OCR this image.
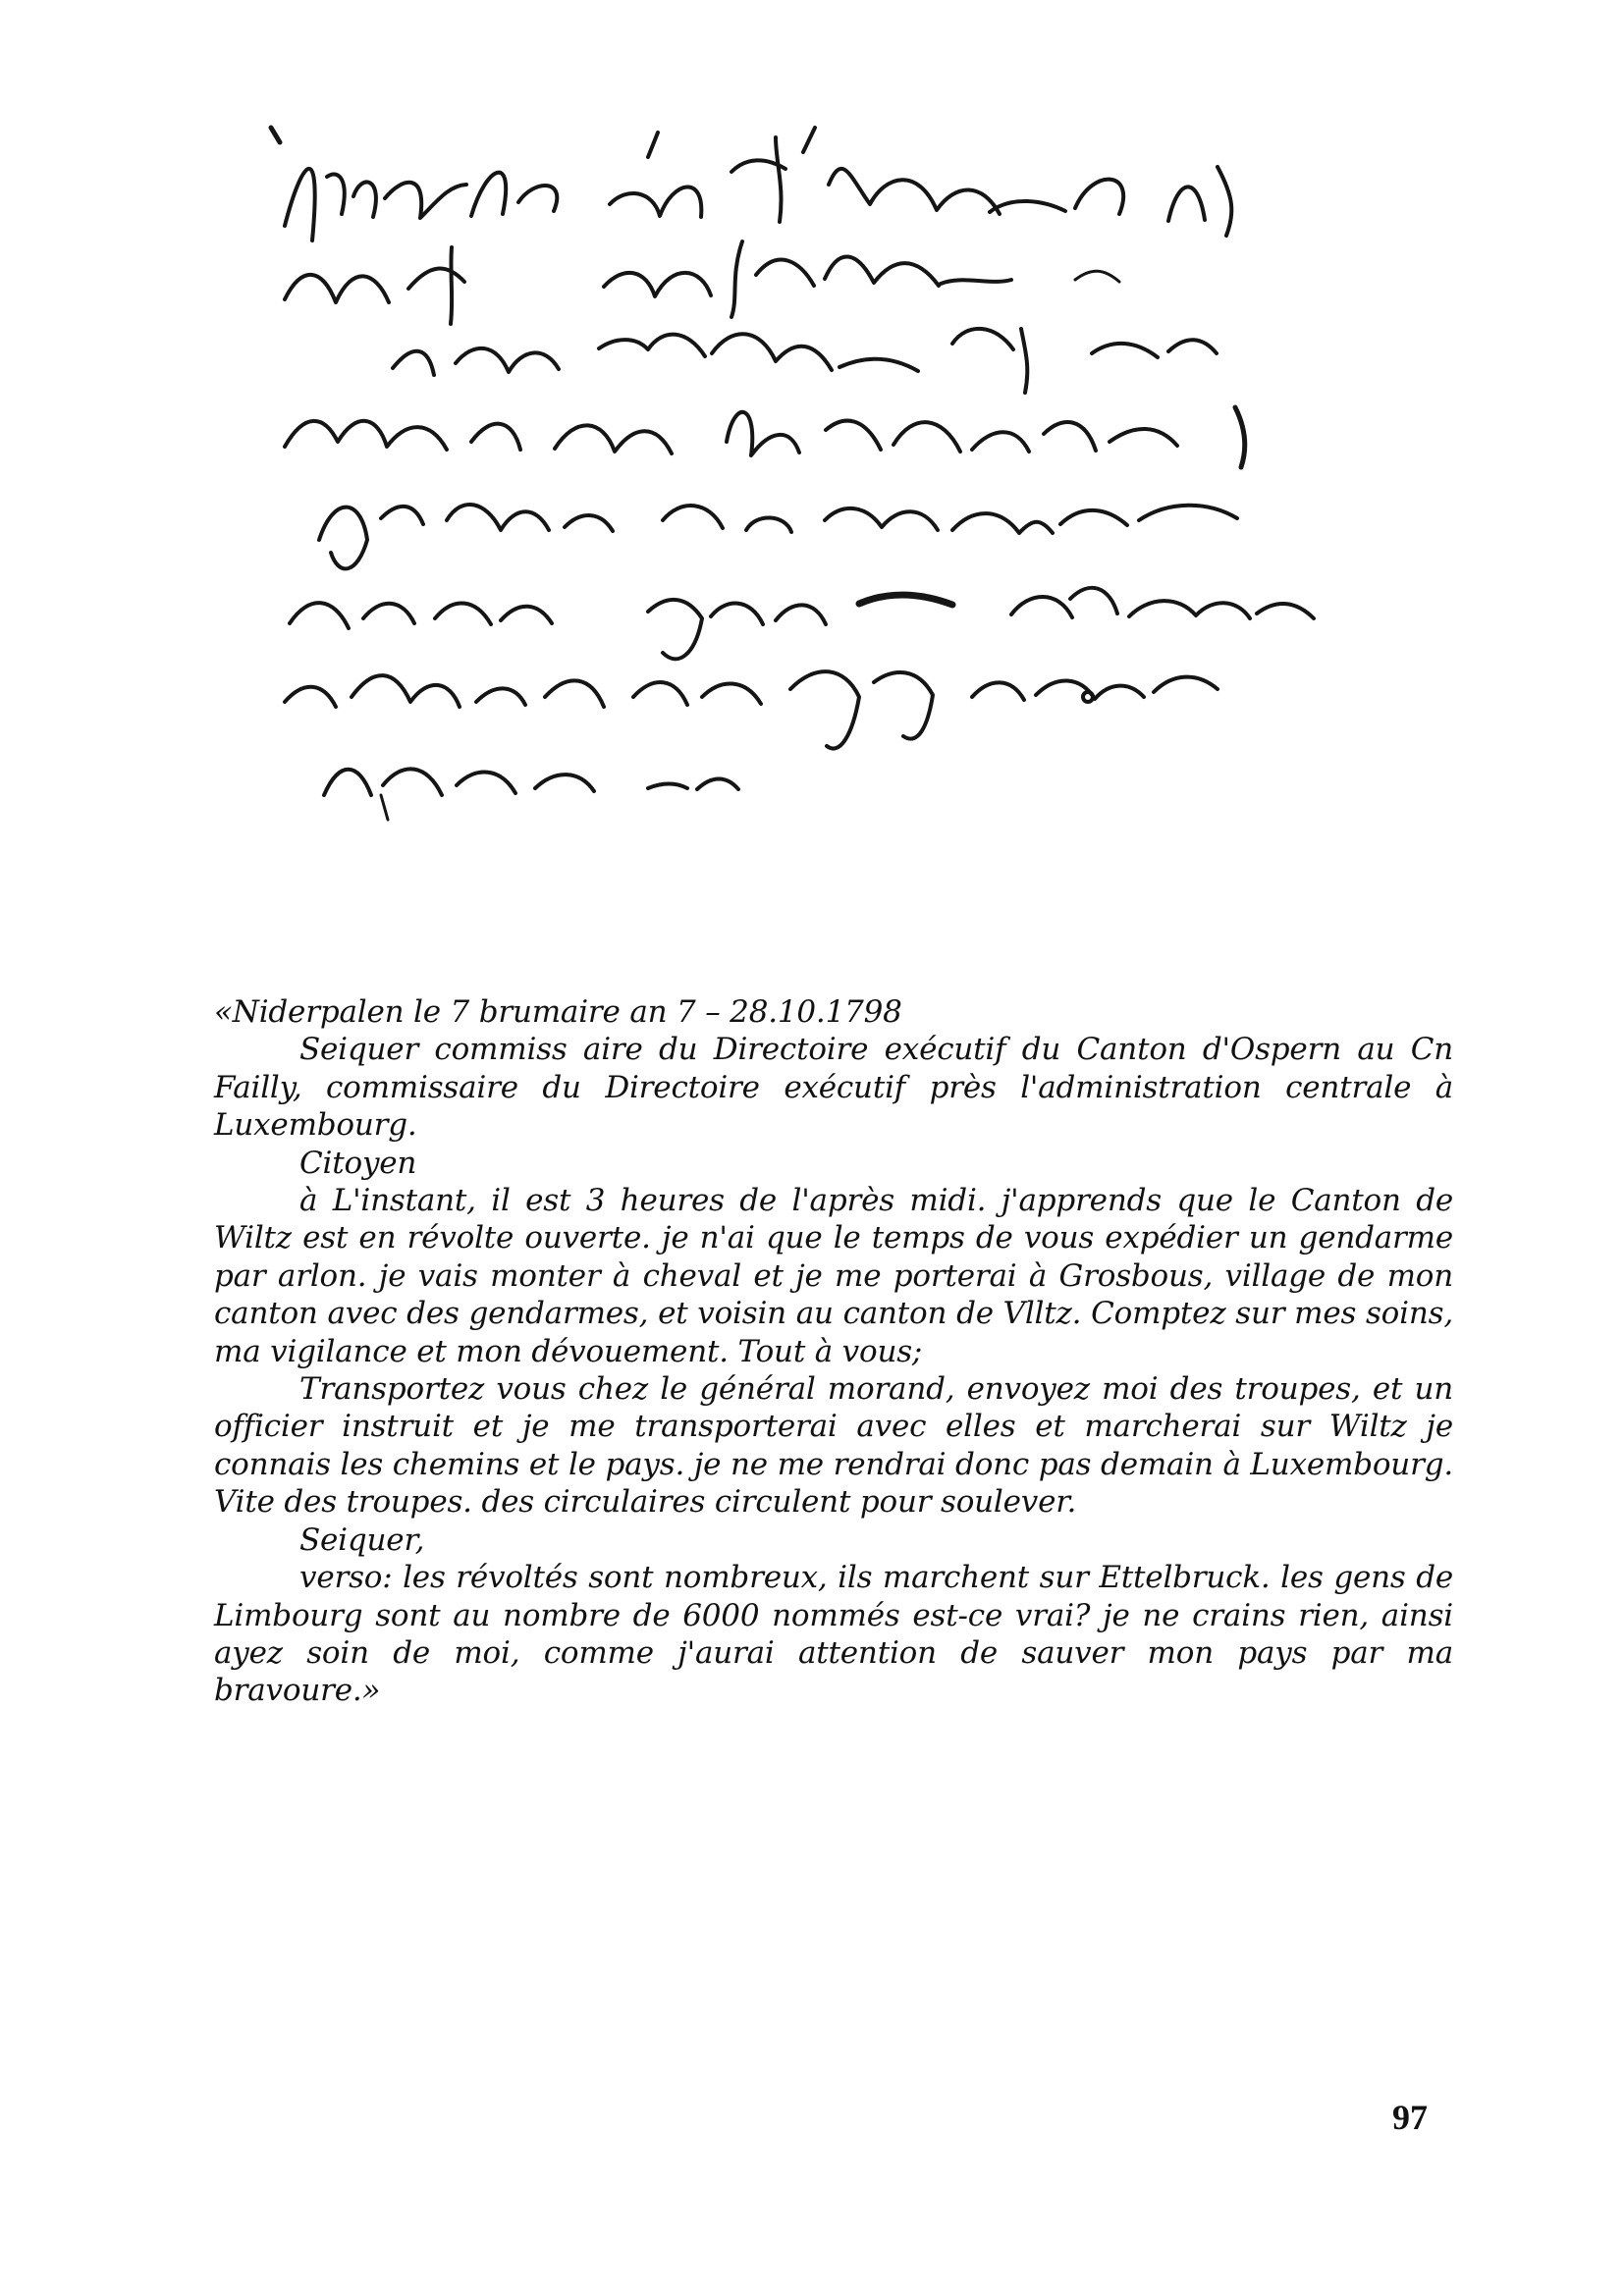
«Niderpalen le 7 brumaire an 7 – 28.10.1798

Seiquer commiss aire du Directoire exécutif du Canton d'Ospern au Cn Failly, commissaire du Directoire exécutif près l'administration centrale à Luxembourg.

Citoyen

à L'instant, il est 3 heures de l'après midi. j'apprends que le Canton de Wiltz est en révolte ouverte. je n'ai que le temps de vous expédier un gendarme par arlon. je vais monter à cheval et je me porterai à Grosbous, village de mon canton avec des gendarmes, et voisin au canton de Vlltz. Comptez sur mes soins, ma vigilance et mon dévouement. Tout à vous;

Transportez vous chez le général morand, envoyez moi des troupes, et un officier instruit et je me transporterai avec elles et marcherai sur Wiltz je connais les chemins et le pays. je ne me rendrai donc pas demain à Luxembourg. Vite des troupes. des circulaires circulent pour soulever.

Seiquer,

verso: les révoltés sont nombreux, ils marchent sur Ettelbruck. les gens de Limbourg sont au nombre de 6000 nommés est-ce vrai? je ne crains rien, ainsi ayez soin de moi, comme j'aurai attention de sauver mon pays par ma bravoure.»

97
